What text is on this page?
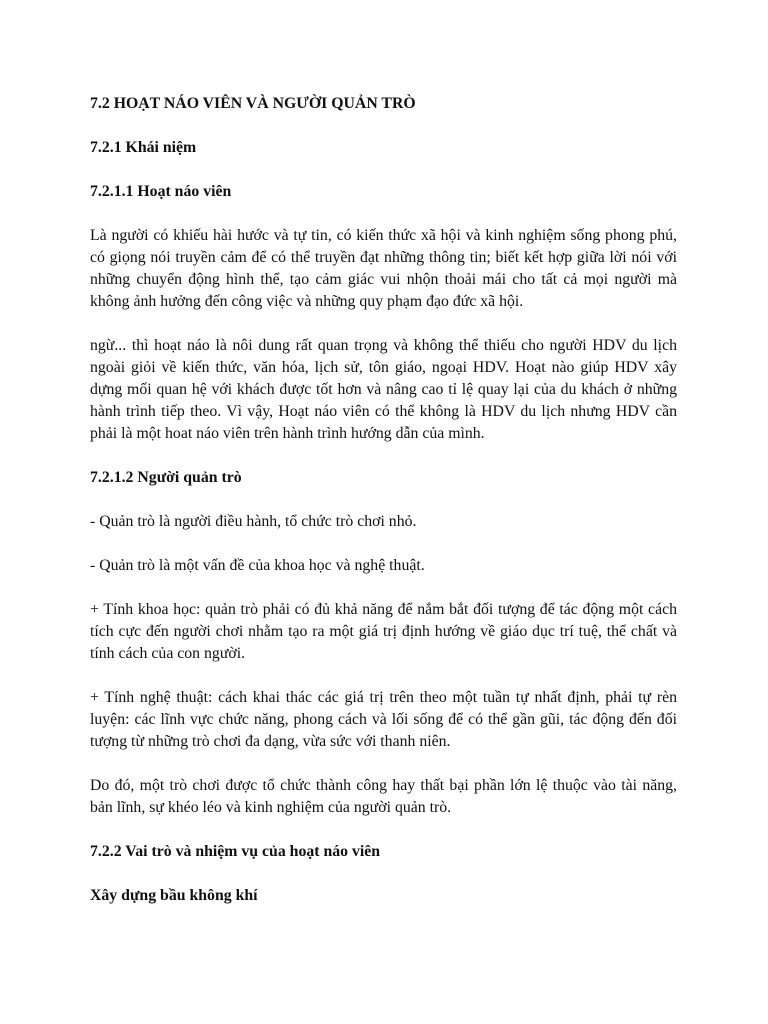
7.2 HOẠT NÁO VIÊN VÀ NGƯỜI QUẢN TRÒ

7.2.1 Khái niệm

7.2.1.1 Hoạt náo viên

Là người có khiếu hài hước và tự tin, có kiến thức xã hội và kinh nghiệm sống phong phú, có giọng nói truyền cảm để có thể truyền đạt những thông tin; biết kết hợp giữa lời nói với những chuyển động hình thể, tạo cảm giác vui nhộn thoải mái cho tất cả mọi người mà không ảnh hưởng đến công việc và những quy phạm đạo đức xã hội.

ngừ... thì hoạt náo là nôi dung rất quan trọng và không thể thiếu cho người HDV du lịch ngoài giỏi về kiến thức, văn hóa, lịch sử, tôn giáo, ngoại HDV. Hoạt nào giúp HDV xây dựng mối quan hệ với khách được tốt hơn và nâng cao tỉ lệ quay lại của du khách ở những hành trình tiếp theo. Vì vậy, Hoạt náo viên có thể không là HDV du lịch nhưng HDV cần phải là một hoat náo viên trên hành trình hướng dẫn của mình.

7.2.1.2 Người quản trò

- Quản trò là người điều hành, tổ chức trò chơi nhỏ.

- Quản trò là một vấn đề của khoa học và nghệ thuật.

+ Tính khoa học: quản trò phải có đủ khả năng để nắm bắt đối tượng để tác động một cách tích cực đến người chơi nhằm tạo ra một giá trị định hướng về giáo dục trí tuệ, thể chất và tính cách của con người.

+ Tính nghệ thuật: cách khai thác các giá trị trên theo một tuần tự nhất định, phải tự rèn luyện: các lĩnh vực chức năng, phong cách và lối sống để có thể gần gũi, tác động đến đối tượng từ những trò chơi đa dạng, vừa sức với thanh niên.

Do đó, một trò chơi được tổ chức thành công hay thất bại phần lớn lệ thuộc vào tài năng, bản lĩnh, sự khéo léo và kinh nghiệm của người quản trò.

7.2.2 Vai trò và nhiệm vụ của hoạt náo viên

Xây dựng bầu không khí
